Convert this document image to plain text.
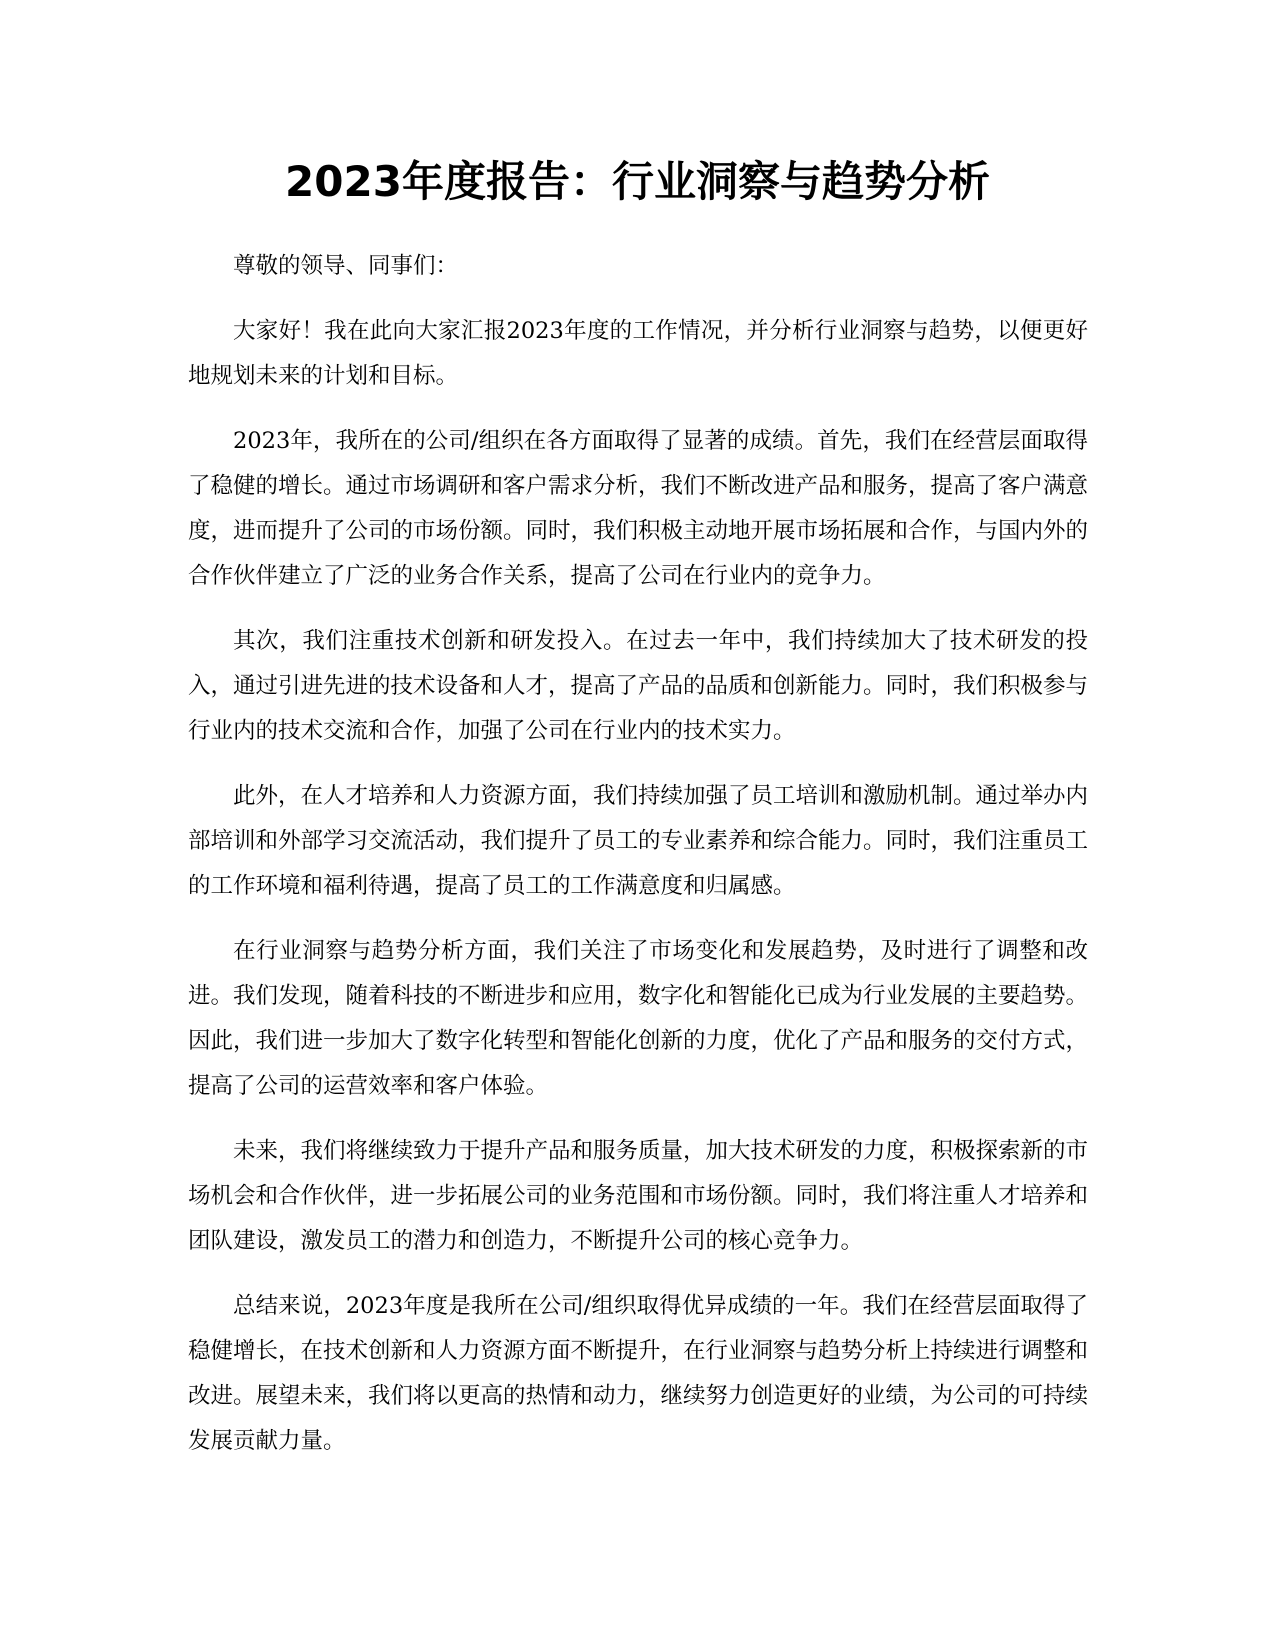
2023年度报告：行业洞察与趋势分析

尊敬的领导、同事们：

大家好！我在此向大家汇报2023年度的工作情况，并分析行业洞察与趋势，以便更好地规划未来的计划和目标。

2023年，我所在的公司/组织在各方面取得了显著的成绩。首先，我们在经营层面取得了稳健的增长。通过市场调研和客户需求分析，我们不断改进产品和服务，提高了客户满意度，进而提升了公司的市场份额。同时，我们积极主动地开展市场拓展和合作，与国内外的合作伙伴建立了广泛的业务合作关系，提高了公司在行业内的竞争力。

其次，我们注重技术创新和研发投入。在过去一年中，我们持续加大了技术研发的投入，通过引进先进的技术设备和人才，提高了产品的品质和创新能力。同时，我们积极参与行业内的技术交流和合作，加强了公司在行业内的技术实力。

此外，在人才培养和人力资源方面，我们持续加强了员工培训和激励机制。通过举办内部培训和外部学习交流活动，我们提升了员工的专业素养和综合能力。同时，我们注重员工的工作环境和福利待遇，提高了员工的工作满意度和归属感。

在行业洞察与趋势分析方面，我们关注了市场变化和发展趋势，及时进行了调整和改进。我们发现，随着科技的不断进步和应用，数字化和智能化已成为行业发展的主要趋势。因此，我们进一步加大了数字化转型和智能化创新的力度，优化了产品和服务的交付方式，提高了公司的运营效率和客户体验。

未来，我们将继续致力于提升产品和服务质量，加大技术研发的力度，积极探索新的市场机会和合作伙伴，进一步拓展公司的业务范围和市场份额。同时，我们将注重人才培养和团队建设，激发员工的潜力和创造力，不断提升公司的核心竞争力。

总结来说，2023年度是我所在公司/组织取得优异成绩的一年。我们在经营层面取得了稳健增长，在技术创新和人力资源方面不断提升，在行业洞察与趋势分析上持续进行调整和改进。展望未来，我们将以更高的热情和动力，继续努力创造更好的业绩，为公司的可持续发展贡献力量。
